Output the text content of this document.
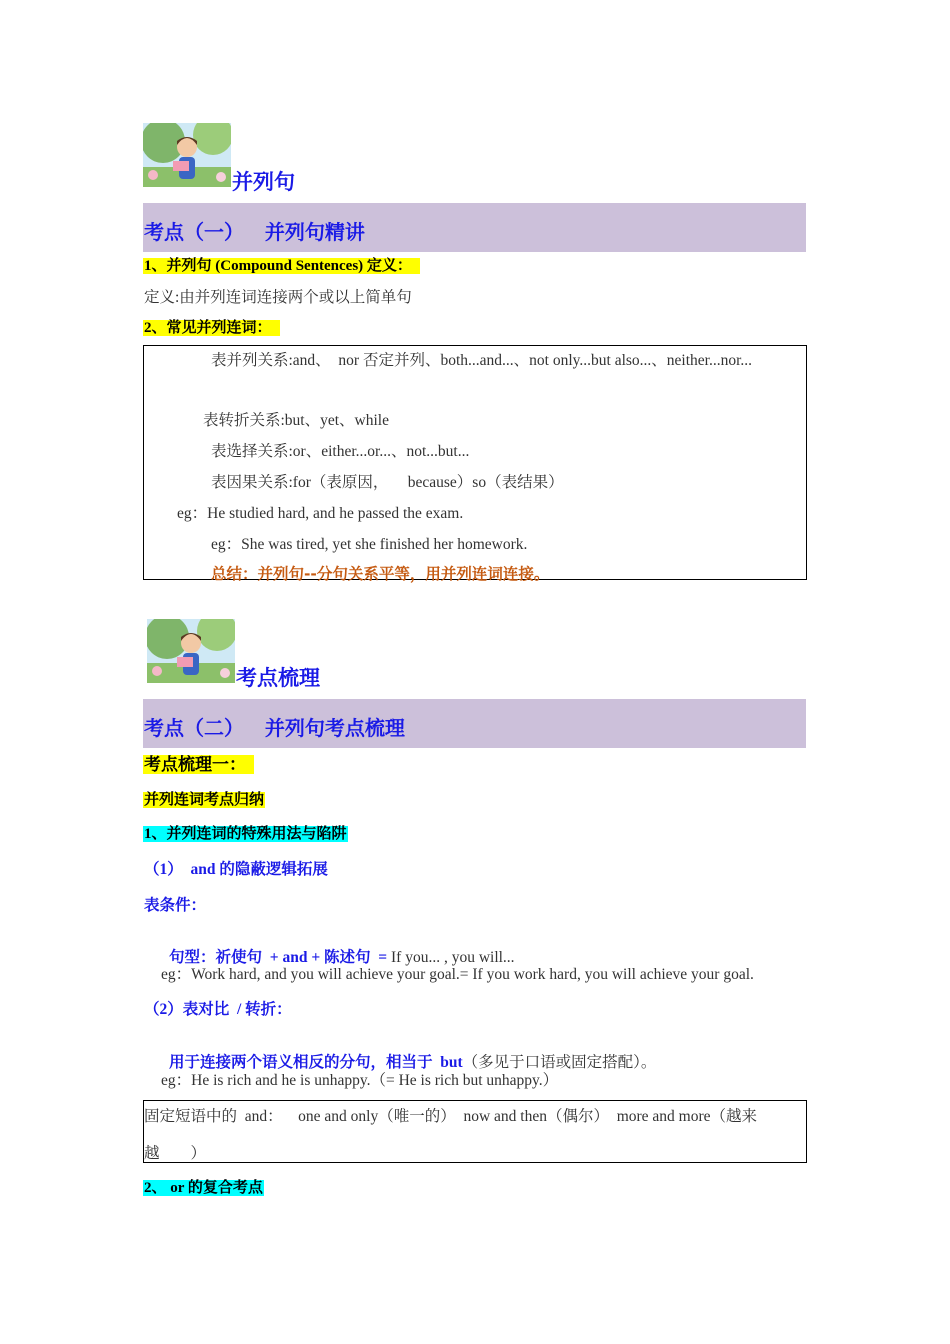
并列句
考点（一）   并列句精讲
1、并列句 (Compound Sentences) 定义：
定义:由并列连词连接两个或以上简单句
2、常见并列连词：
表并列关系:and、  nor 否定并列、both...and...、not only...but also...、neither...nor...
表转折关系:but、yet、while
表选择关系:or、either...or...、not...but...
表因果关系:for（表原因，     because）so（表结果）
eg：He studied hard, and he passed the exam.
eg：She was tired, yet she finished her homework.
总结：并列句--分句关系平等，用并列连词连接。
考点梳理
考点（二）   并列句考点梳理
考点梳理一：
并列连词考点归纳
1、并列连词的特殊用法与陷阱
（1）  and 的隐蔽逻辑拓展
表条件：

句型：祈使句  + and + 陈述句  = If you... , you will...

eg：Work hard, and you will achieve your goal.= If you work hard, you will achieve your goal.
（2）表对比  / 转折：

用于连接两个语义相反的分句，相当于  but（多见于口语或固定搭配）。

eg：He is rich and he is unhappy.（= He is rich but unhappy.）
固定短语中的  and：    one and only（唯一的）  now and then（偶尔）  more and more（越来
越        ）
2、 or 的复合考点
